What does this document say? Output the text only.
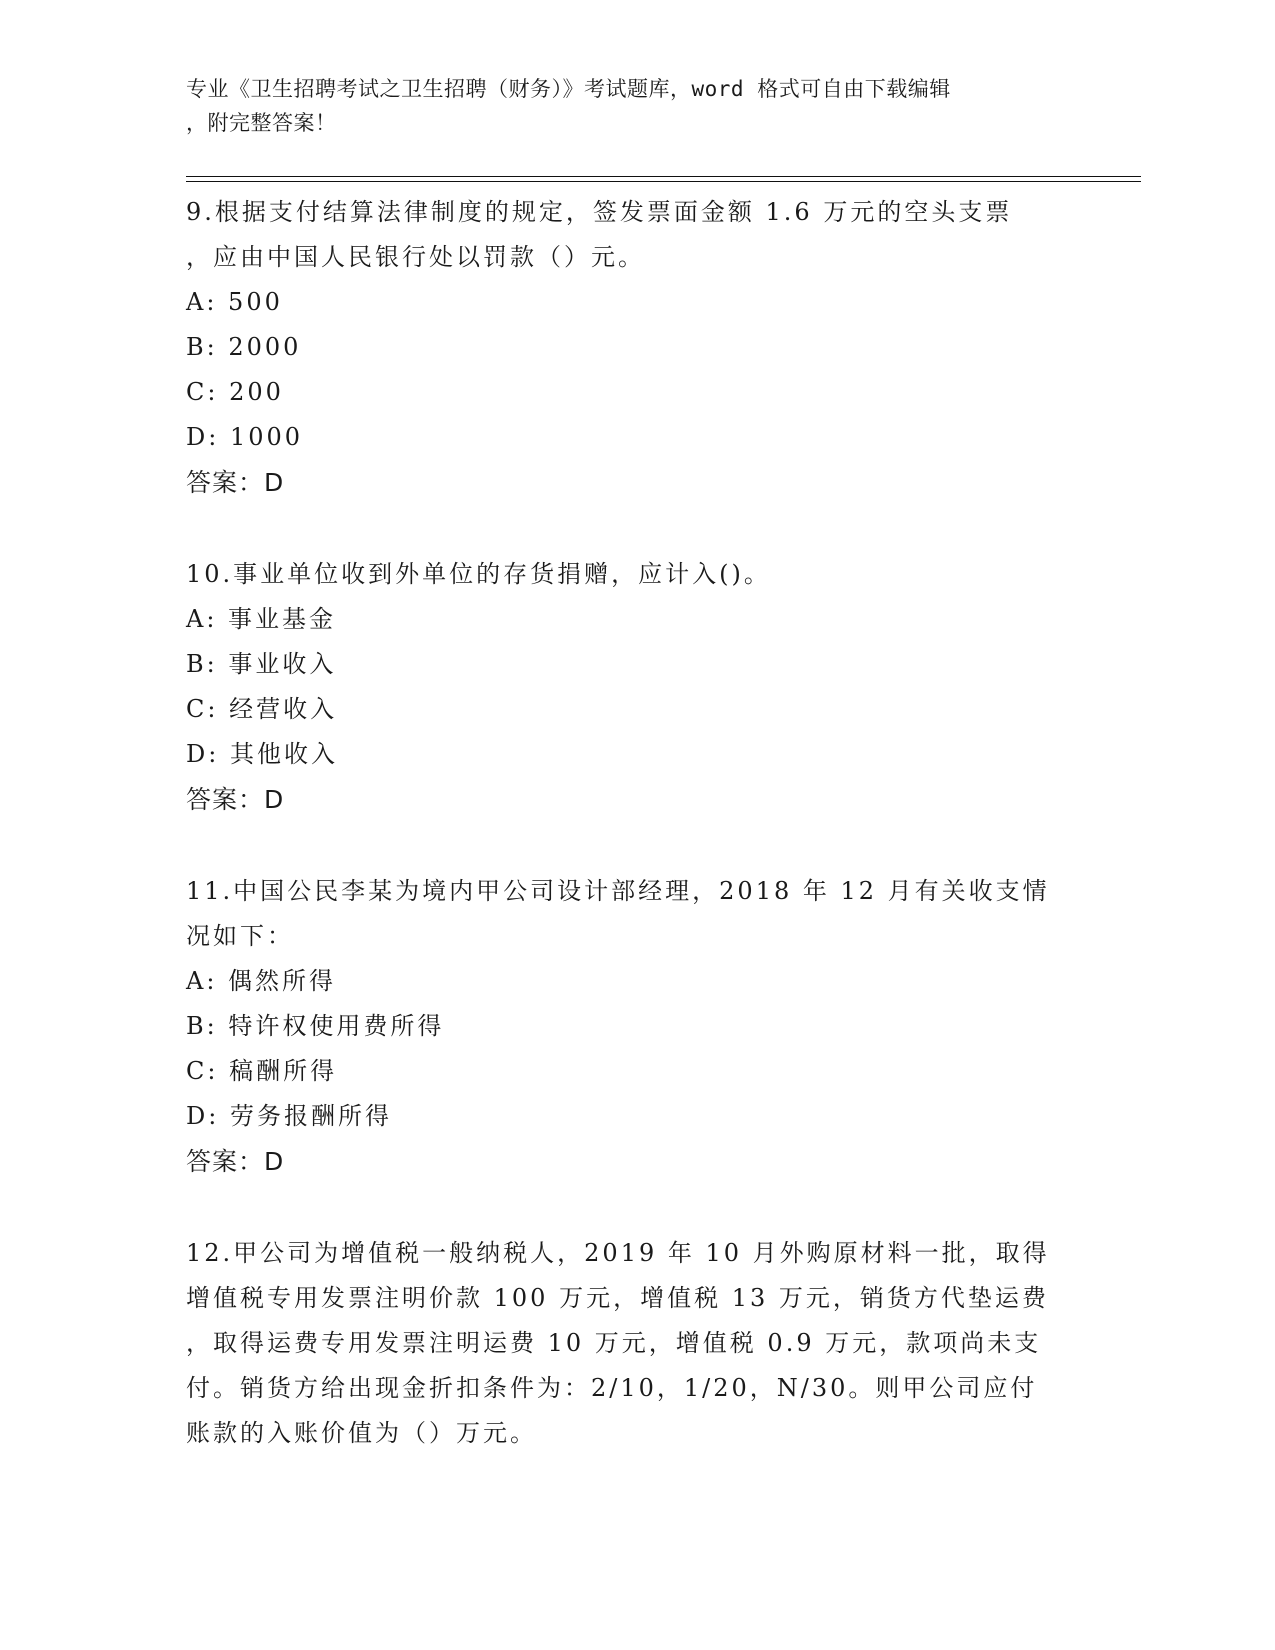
专业《卫生招聘考试之卫生招聘（财务）》考试题库，word 格式可自由下载编辑
，附完整答案！
9.根据支付结算法律制度的规定，签发票面金额 1.6 万元的空头支票
，应由中国人民银行处以罚款（）元。
A: 500
B: 2000
C: 200
D: 1000
答案：D
10.事业单位收到外单位的存货捐赠，应计入()。
A: 事业基金
B: 事业收入
C: 经营收入
D: 其他收入
答案：D
11.中国公民李某为境内甲公司设计部经理，2018 年 12 月有关收支情
况如下：
A: 偶然所得
B: 特许权使用费所得
C: 稿酬所得
D: 劳务报酬所得
答案：D
12.甲公司为增值税一般纳税人，2019 年 10 月外购原材料一批，取得
增值税专用发票注明价款 100 万元，增值税 13 万元，销货方代垫运费
，取得运费专用发票注明运费 10 万元，增值税 0.9 万元，款项尚未支
付。销货方给出现金折扣条件为：2/10，1/20，N/30。则甲公司应付
账款的入账价值为（）万元。
